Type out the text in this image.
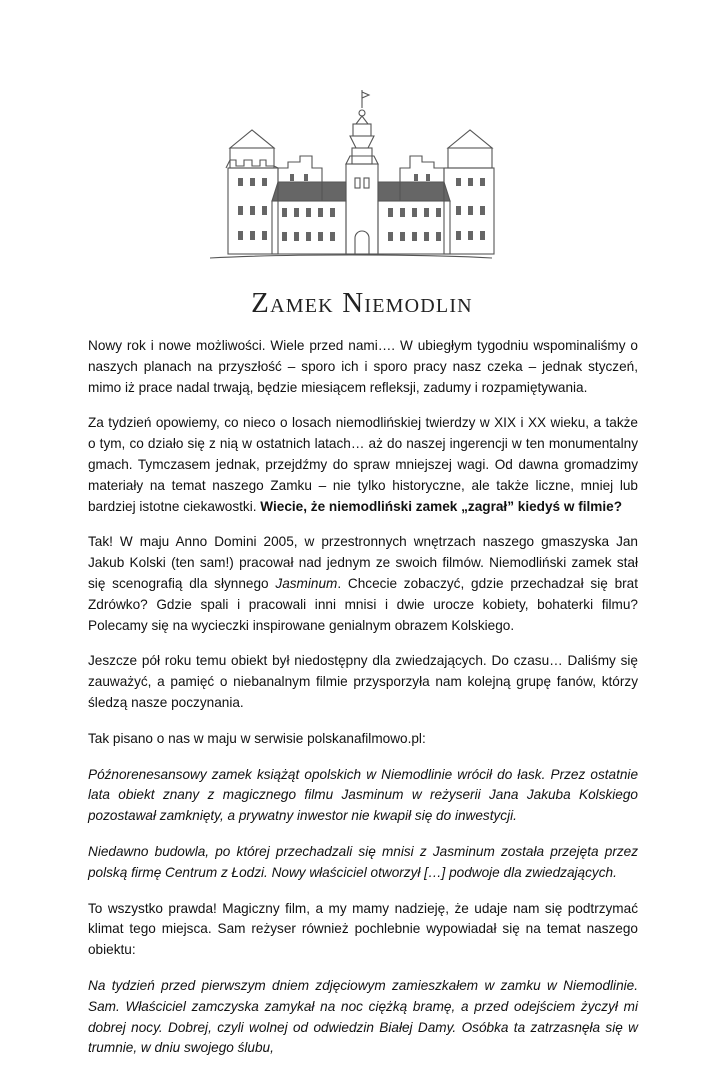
Zamek Niemodlin

Nowy rok i nowe możliwości. Wiele przed nami…. W ubiegłym tygodniu wspominaliśmy o naszych planach na przyszłość – sporo ich i sporo pracy nasz czeka – jednak styczeń, mimo iż prace nadal trwają, będzie miesiącem refleksji, zadumy i rozpamiętywania.

Za tydzień opowiemy, co nieco o losach niemodlińskiej twierdzy w XIX i XX wieku, a także o tym, co działo się z nią w ostatnich latach… aż do naszej ingerencji w ten monumentalny gmach. Tymczasem jednak, przejdźmy do spraw mniejszej wagi. Od dawna gromadzimy materiały na temat naszego Zamku – nie tylko historyczne, ale także liczne, mniej lub bardziej istotne ciekawostki. Wiecie, że niemodliński zamek „zagrał” kiedyś w filmie?

Tak! W maju Anno Domini 2005, w przestronnych wnętrzach naszego gmaszyska Jan Jakub Kolski (ten sam!) pracował nad jednym ze swoich filmów. Niemodliński zamek stał się scenografią dla słynnego Jasminum. Chcecie zobaczyć, gdzie przechadzał się brat Zdrówko? Gdzie spali i pracowali inni mnisi i dwie urocze kobiety, bohaterki filmu? Polecamy się na wycieczki inspirowane genialnym obrazem Kolskiego.

Jeszcze pół roku temu obiekt był niedostępny dla zwiedzających. Do czasu… Daliśmy się zauważyć, a pamięć o niebanalnym filmie przysporzyła nam kolejną grupę fanów, którzy śledzą nasze poczynania.

Tak pisano o nas w maju w serwisie polskanafilmowo.pl:

Późnorenesansowy zamek książąt opolskich w Niemodlinie wrócił do łask. Przez ostatnie lata obiekt znany z magicznego filmu Jasminum w reżyserii Jana Jakuba Kolskiego pozostawał zamknięty, a prywatny inwestor nie kwapił się do inwestycji.

Niedawno budowla, po której przechadzali się mnisi z Jasminum została przejęta przez polską firmę Centrum z Łodzi. Nowy właściciel otworzył […] podwoje dla zwiedzających.

To wszystko prawda! Magiczny film, a my mamy nadzieję, że udaje nam się podtrzymać klimat tego miejsca. Sam reżyser również pochlebnie wypowiadał się na temat naszego obiektu:

Na tydzień przed pierwszym dniem zdjęciowym zamieszkałem w zamku w Niemodlinie. Sam. Właściciel zamczyska zamykał na noc ciężką bramę, a przed odejściem życzył mi dobrej nocy. Dobrej, czyli wolnej od odwiedzin Białej Damy. Osóbka ta zatrzasnęła się w trumnie, w dniu swojego ślubu,
